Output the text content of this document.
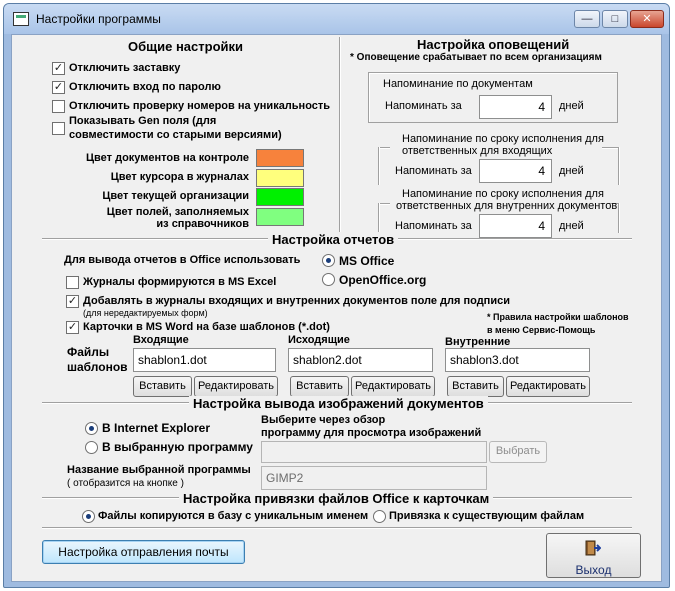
Настройки программы	—	□	✕
Общие настройки
✓ Отключить заставку
✓ Отключить вход по паролю
Отключить проверку номеров на уникальность
Показывать Gen поля (для
совместимости со старыми версиями)
Цвет документов на контроле
Цвет курсора в журналах
Цвет текущей организации
Цвет полей, заполняемых
из справочников
Настройка оповещений
* Оповещение срабатывает по всем организациям
Напоминание по документам
Напоминать за	4	дней
Напоминание по сроку исполнения для
ответственных для входящих
Напоминать за	4	дней
Напоминание по сроку исполнения для
ответственных для внутренних документов
Напоминать за	4	дней
Настройка отчетов
Для вывода отчетов в Office использовать	MS Office
OpenOffice.org
Журналы формируются в MS Excel
✓ Добавлять в журналы входящих и внутренних документов поле для подписи
(для нередактируемых форм)
✓ Карточки в MS Word на базе шаблонов (*.dot)
* Правила настройки шаблонов
в меню Сервис-Помощь
Файлы
шаблонов
Входящие
shablon1.dot
Вставить	Редактировать
Исходящие
shablon2.dot
Вставить	Редактировать
Внутренние
shablon3.dot
Вставить	Редактировать
Настройка вывода изображений документов
В Internet Explorer
В выбранную программу
Выберите через обзор
программу для просмотра изображений
Выбрать
Название выбранной программы
( отобразится на кнопке )	GIMP2
Настройка привязки файлов Office к карточкам
Файлы копируются в базу с уникальным именем Привязка к существующим файлам
Настройка отправления почты
Выход
